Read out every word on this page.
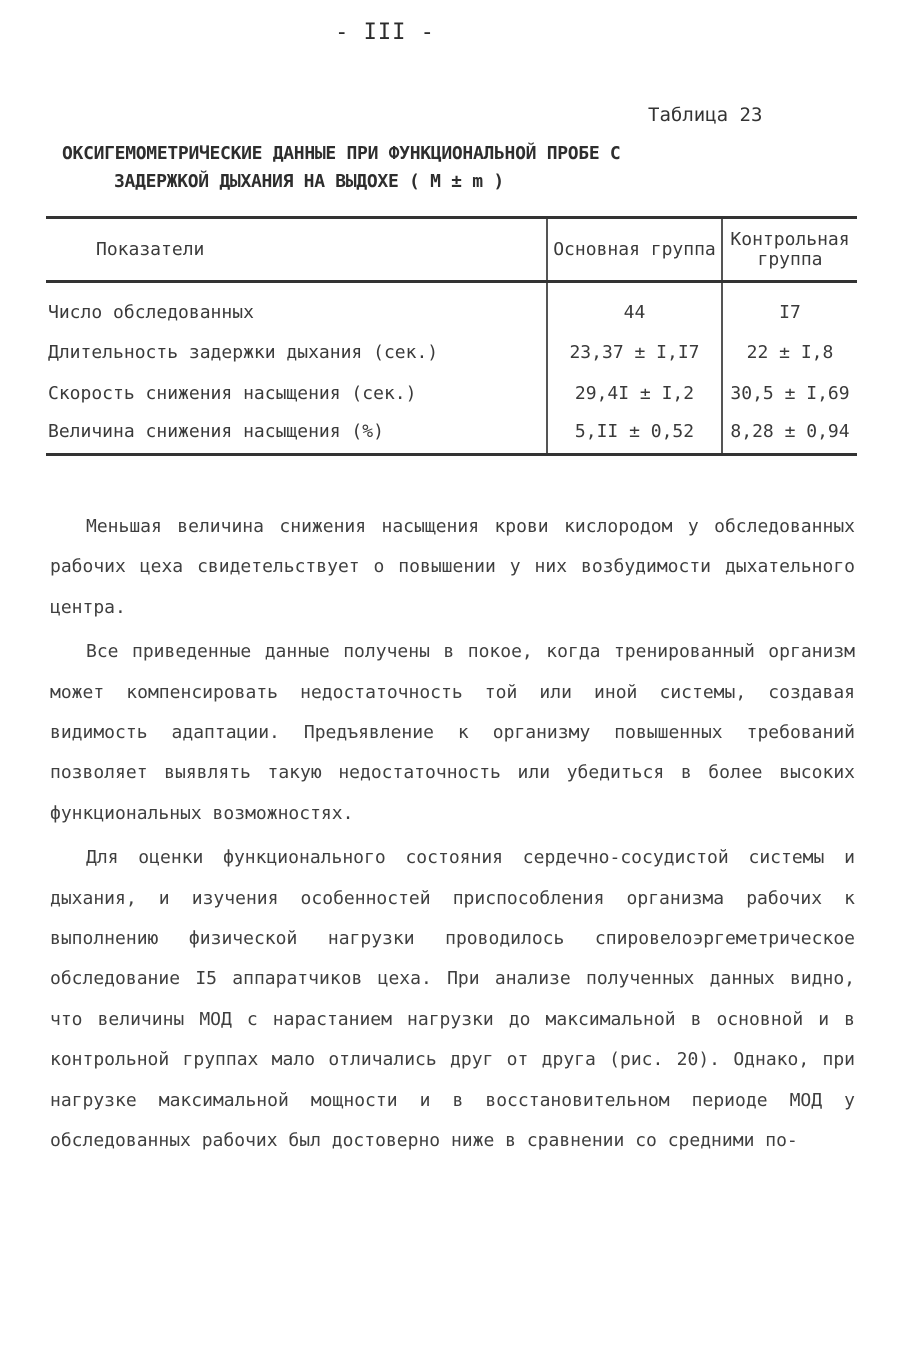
- III -
Таблица 23
ОКСИГЕМОМЕТРИЧЕСКИЕ ДАННЫЕ ПРИ ФУНКЦИОНАЛЬНОЙ ПРОБЕ С
ЗАДЕРЖКОЙ ДЫХАНИЯ НА ВЫДОХЕ ( М ± m )
Показатели	Основная группа	Контрольная группа
Число обследованных	44	I7
Длительность задержки дыхания (сек.)	23,37 ± I,I7	22 ± I,8
Скорость снижения насыщения (сек.)	29,4I ± I,2	30,5 ± I,69
Величина снижения насыщения (%)	5,II ± 0,52	8,28 ± 0,94

Меньшая величина снижения насыщения крови кислородом у обследованных рабочих цеха свидетельствует о повышении у них возбудимости дыхательного центра.

Все приведенные данные получены в покое, когда тренированный организм может компенсировать недостаточность той или иной системы, создавая видимость адаптации. Предъявление к организму повышенных требований позволяет выявлять такую недостаточность или убедиться в более высоких функциональных возможностях.

Для оценки функционального состояния сердечно-сосудистой системы и дыхания, и изучения особенностей приспособления организма рабочих к выполнению физической нагрузки проводилось спировелоэргеметрическое обследование I5 аппаратчиков цеха. При анализе полученных данных видно, что величины МОД с нарастанием нагрузки до максимальной в основной и в контрольной группах мало отличались друг от друга (рис. 20). Однако, при нагрузке максимальной мощности и в восстановительном периоде МОД у обследованных рабочих был достоверно ниже в сравнении со средними по-
